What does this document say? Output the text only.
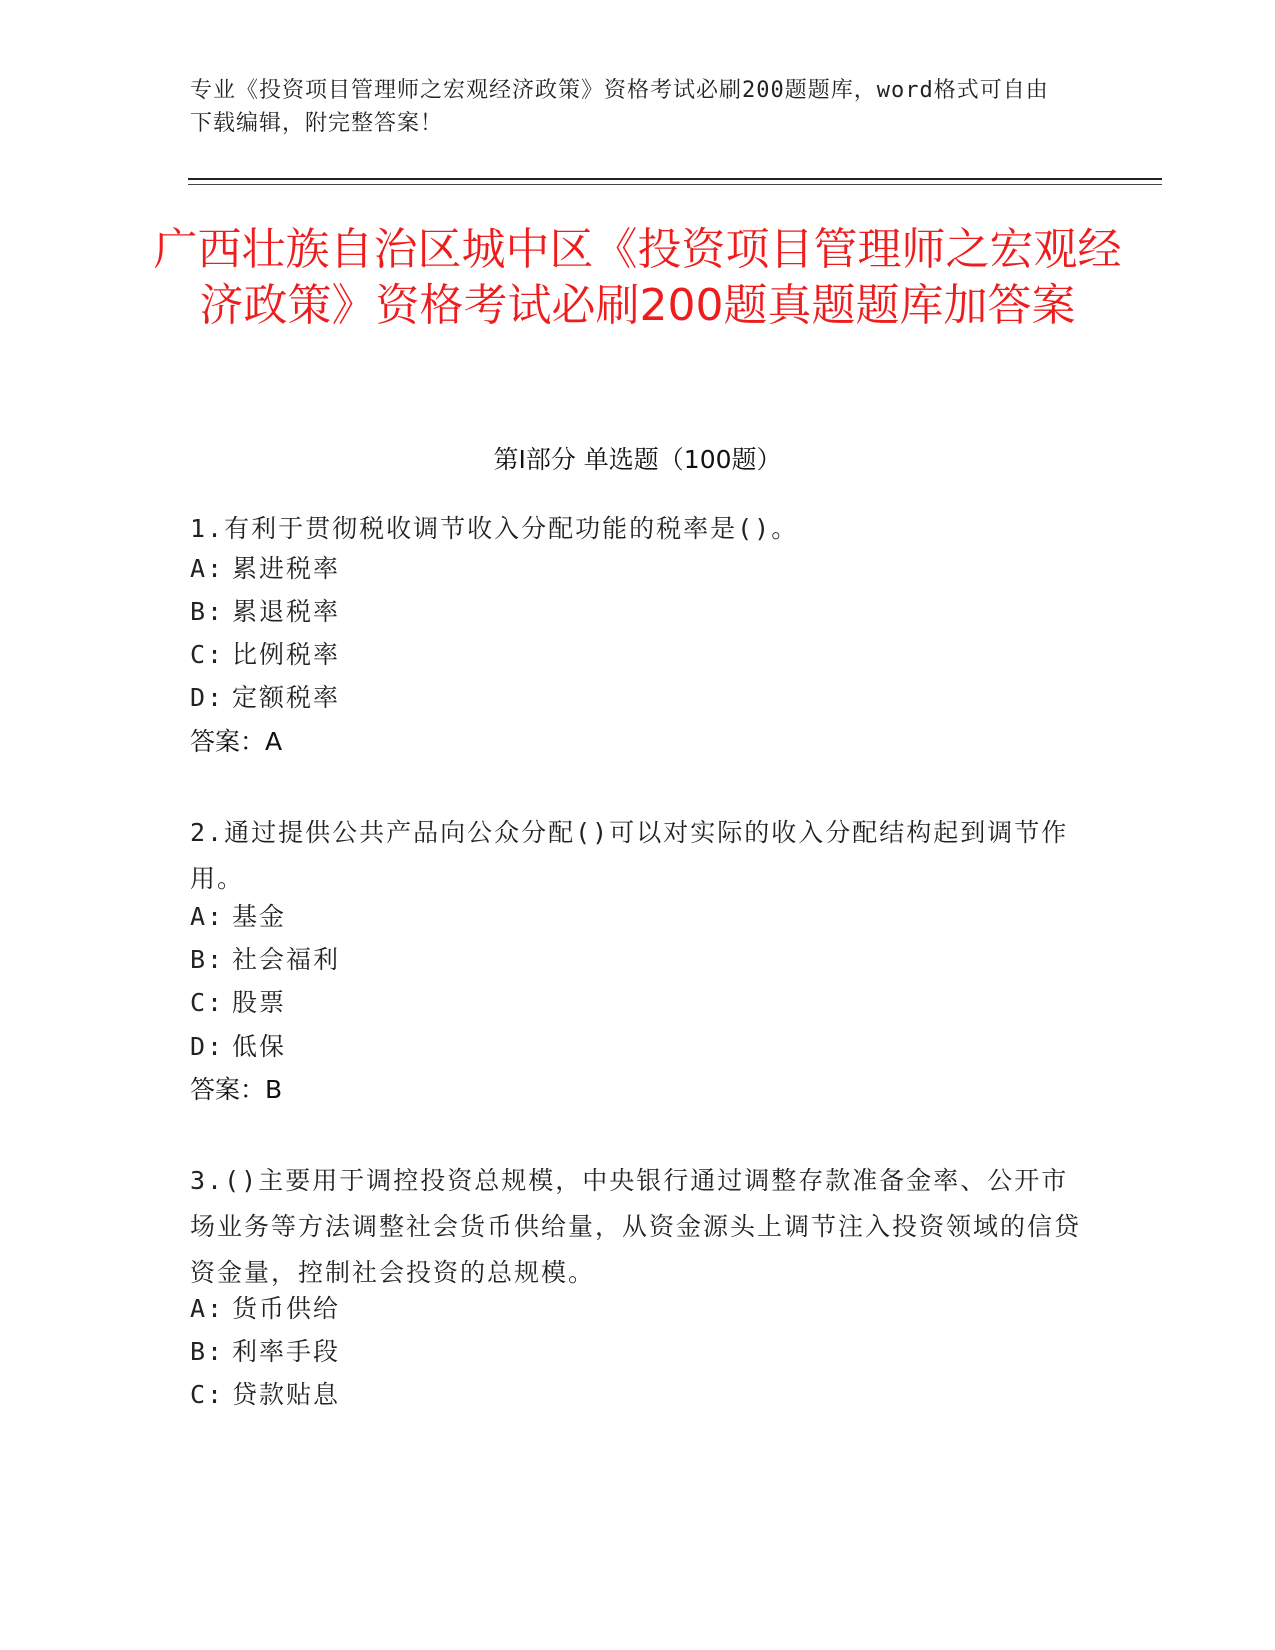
专业《投资项目管理师之宏观经济政策》资格考试必刷200题题库，word格式可自由下载编辑，附完整答案！
广西壮族自治区城中区《投资项目管理师之宏观经济政策》资格考试必刷200题真题题库加答案
第Ⅰ部分 单选题（100题）
1.有利于贯彻税收调节收入分配功能的税率是()。
A: 累进税率
B: 累退税率
C: 比例税率
D: 定额税率
答案：A
2.通过提供公共产品向公众分配()可以对实际的收入分配结构起到调节作用。
A: 基金
B: 社会福利
C: 股票
D: 低保
答案：B
3.()主要用于调控投资总规模，中央银行通过调整存款准备金率、公开市场业务等方法调整社会货币供给量，从资金源头上调节注入投资领域的信贷资金量，控制社会投资的总规模。
A: 货币供给
B: 利率手段
C: 贷款贴息
